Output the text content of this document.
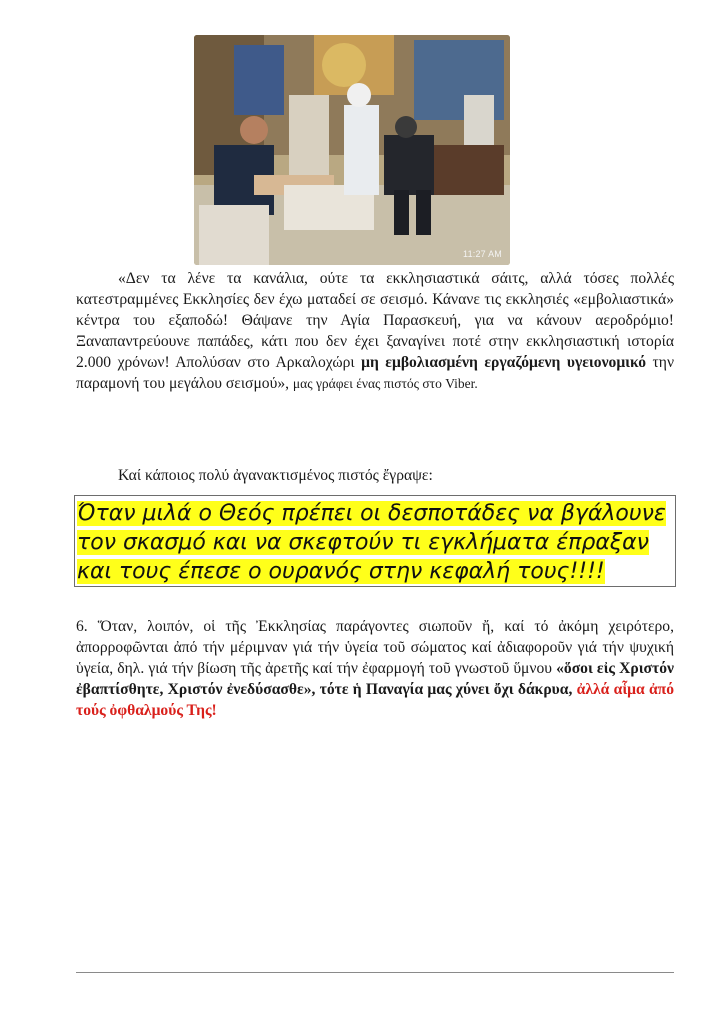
11:27 AM

«Δεν τα λένε τα κανάλια, ούτε τα εκκλησιαστικά σάιτς, αλλά τόσες πολλές κατεστραμμένες Εκκλησίες δεν έχω ματαδεί σε σεισμό. Κάνανε τις εκκλησιές «εμβολιαστικά» κέντρα του εξαποδώ! Θάψανε την Αγία Παρασκευή, για να κάνουν αεροδρόμιο! Ξαναπαντρεύουνε παπάδες, κάτι που δεν έχει ξαναγίνει ποτέ στην εκκλησιαστική ιστορία 2.000 χρόνων! Απολύσαν στο Αρκαλοχώρι μη εμβολιασμένη εργαζόμενη υγειονομικό την παραμονή του μεγάλου σεισμού», μας γράφει ένας πιστός στο Viber.

Καί κάποιος πολύ ἀγανακτισμένος πιστός ἔγραψε:

Όταν μιλά ο Θεός πρέπει οι δεσποτάδες να βγάλουνε τον σκασμό και να σκεφτούν τι εγκλήματα έπραξαν και τους έπεσε ο ουρανός στην κεφαλή τους!!!!

6. Ὅταν, λοιπόν, οἱ τῆς Ἐκκλησίας παράγοντες σιωποῦν ἤ, καί τό ἀκόμη χειρότερο, ἀπορροφῶνται ἀπό τήν μέριμναν γιά τήν ὑγεία τοῦ σώματος καί ἀδιαφοροῦν γιά τήν ψυχική ὑγεία, δηλ. γιά τήν βίωση τῆς ἀρετῆς καί τήν ἐφαρμογή τοῦ γνωστοῦ ὕμνου «ὅσοι εἰς Χριστόν ἐβαπτίσθητε, Χριστόν ἐνεδύσασθε», τότε ἡ Παναγία μας χύνει ὄχι δάκρυα, ἀλλά αἷμα ἀπό τούς ὀφθαλμούς Της!
